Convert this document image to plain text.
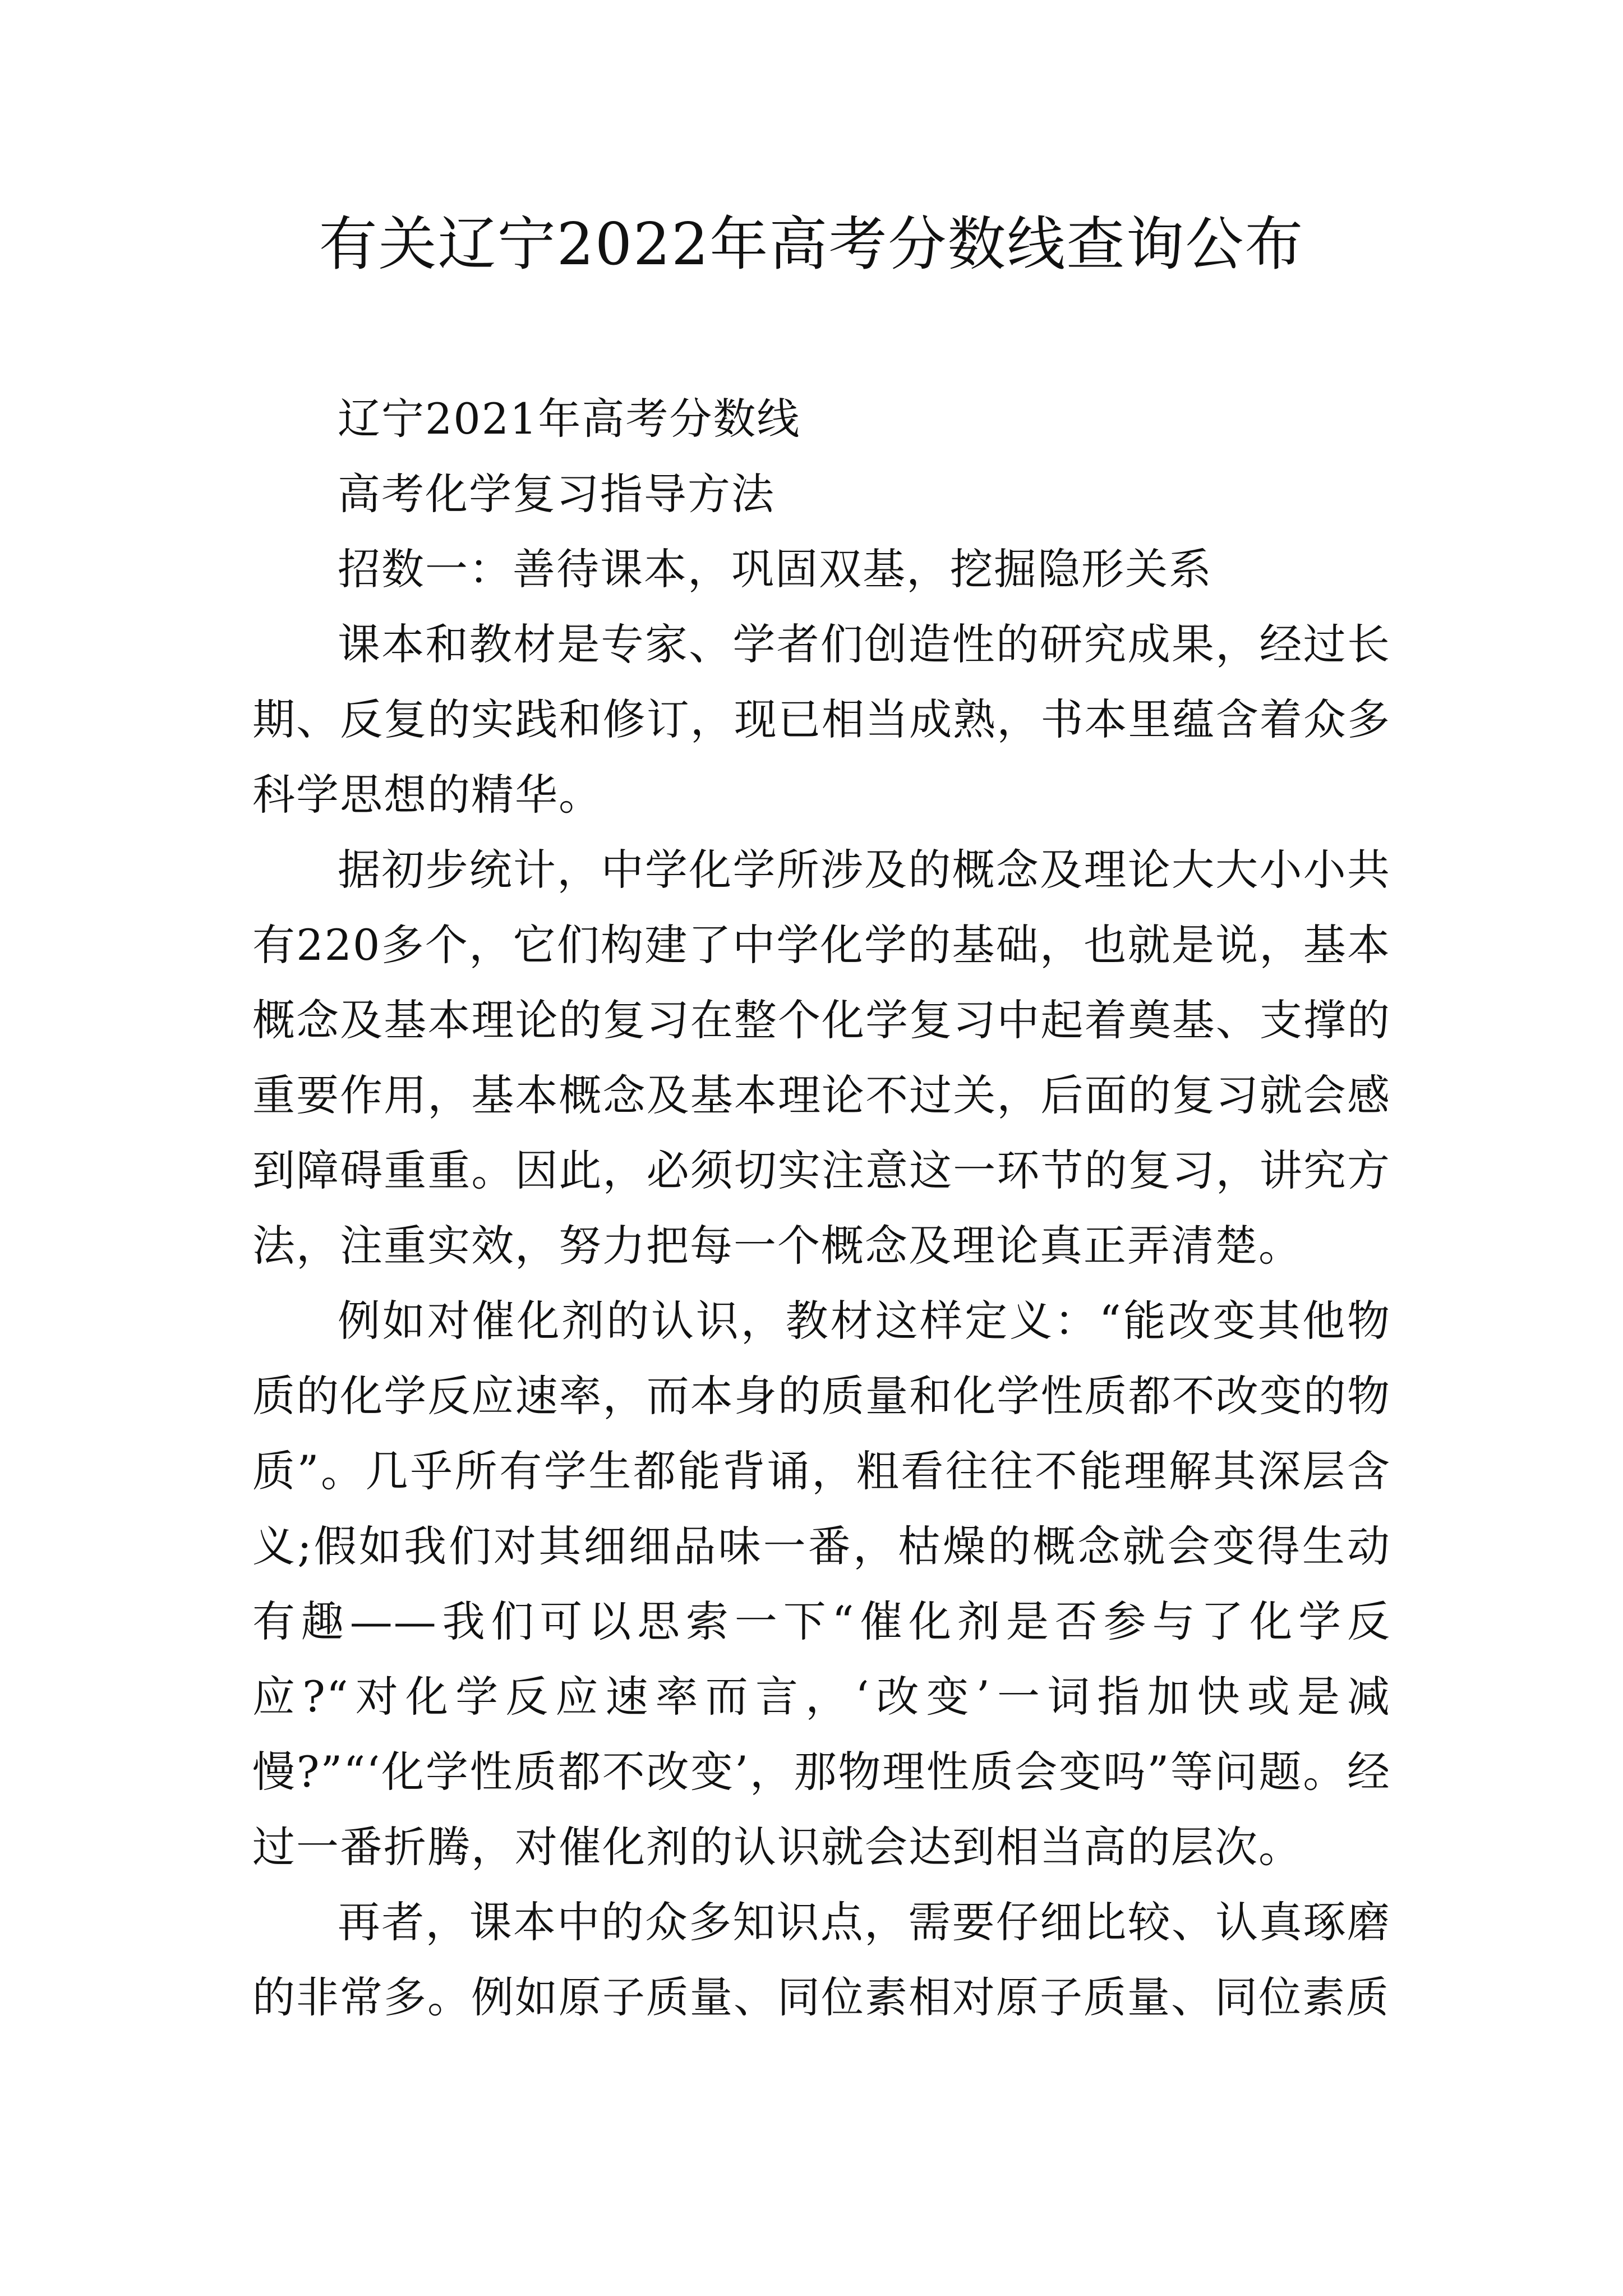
有关辽宁2022年高考分数线查询公布

辽宁2021年高考分数线

高考化学复习指导方法

招数一：善待课本，巩固双基，挖掘隐形关系

课本和教材是专家、学者们创造性的研究成果，经过长期、反复的实践和修订，现已相当成熟，书本里蕴含着众多科学思想的精华。

据初步统计，中学化学所涉及的概念及理论大大小小共有220多个，它们构建了中学化学的基础，也就是说，基本概念及基本理论的复习在整个化学复习中起着奠基、支撑的重要作用，基本概念及基本理论不过关，后面的复习就会感到障碍重重。因此，必须切实注意这一环节的复习，讲究方法，注重实效，努力把每一个概念及理论真正弄清楚。

例如对催化剂的认识，教材这样定义：“能改变其他物质的化学反应速率，而本身的质量和化学性质都不改变的物质”。几乎所有学生都能背诵，粗看往往不能理解其深层含义;假如我们对其细细品味一番，枯燥的概念就会变得生动有趣——我们可以思索一下“催化剂是否参与了化学反应?“对化学反应速率而言，‘改变’一词指加快或是减慢?”“‘化学性质都不改变’，那物理性质会变吗”等问题。经过一番折腾，对催化剂的认识就会达到相当高的层次。

再者，课本中的众多知识点，需要仔细比较、认真琢磨的非常多。例如原子质量、同位素相对原子质量、同位素质
